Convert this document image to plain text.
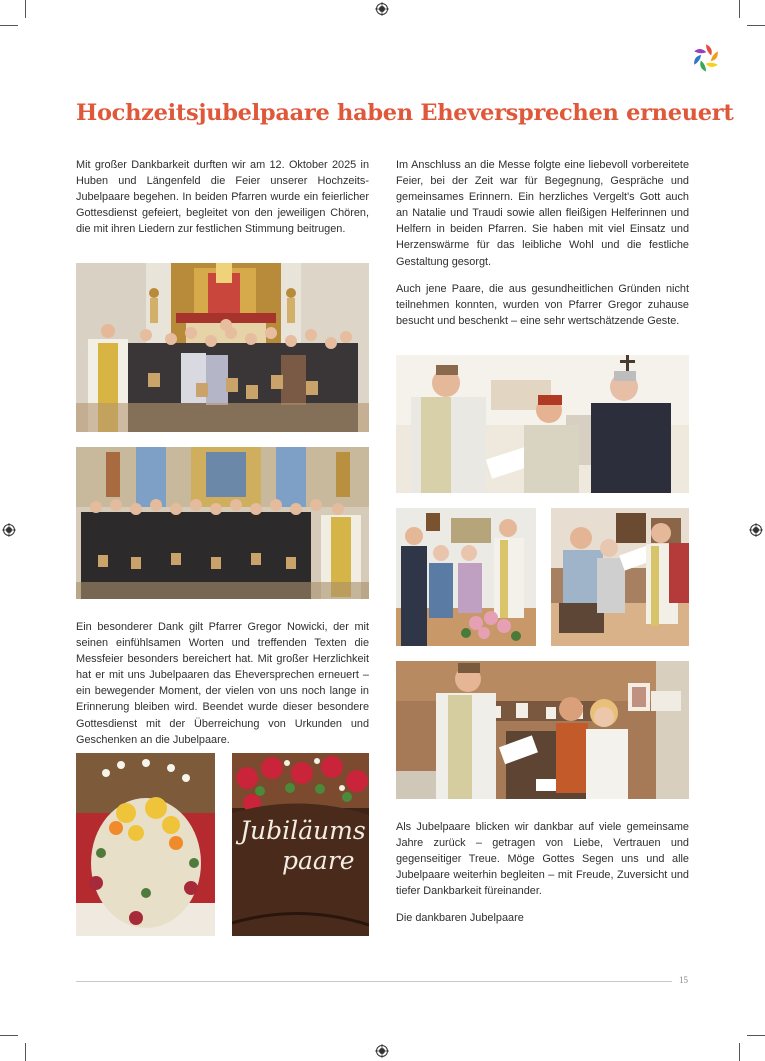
Hochzeitsjubelpaare haben Eheversprechen erneuert

Mit großer Dankbarkeit durften wir am 12. Oktober 2025 in Huben und Längenfeld die Feier unserer Hochzeits-Jubelpaare begehen. In beiden Pfarren wurde ein feierlicher Gottesdienst gefeiert, begleitet von den jeweiligen Chören, die mit ihren Liedern zur festlichen Stimmung beitrugen.

Ein besonderer Dank gilt Pfarrer Gregor Nowicki, der mit seinen einfühlsamen Worten und treffenden Texten die Messfeier besonders bereichert hat. Mit großer Herzlichkeit hat er mit uns Jubelpaaren das Eheversprechen erneuert – ein bewegender Moment, der vielen von uns noch lange in Erinnerung bleiben wird. Beendet wurde dieser besondere Gottesdienst mit der Überreichung von Urkunden und Geschenken an die Jubelpaare.

Jubiläums
paare

Im Anschluss an die Messe folgte eine liebevoll vorbereitete Feier, bei der Zeit war für Begegnung, Gespräche und gemeinsames Erinnern. Ein herzliches Vergelt's Gott auch an Natalie und Traudi sowie allen fleißigen Helferinnen und Helfern in beiden Pfarren. Sie haben mit viel Einsatz und Herzenswärme für das leibliche Wohl und die festliche Gestaltung gesorgt.

Auch jene Paare, die aus gesundheitlichen Gründen nicht teilnehmen konnten, wurden von Pfarrer Gregor zuhause besucht und beschenkt – eine sehr wertschätzende Geste.

Als Jubelpaare blicken wir dankbar auf viele gemeinsame Jahre zurück – getragen von Liebe, Vertrauen und gegenseitiger Treue. Möge Gottes Segen uns und alle Jubelpaare weiterhin begleiten – mit Freude, Zuversicht und tiefer Dankbarkeit füreinander.

Die dankbaren Jubelpaare

15
